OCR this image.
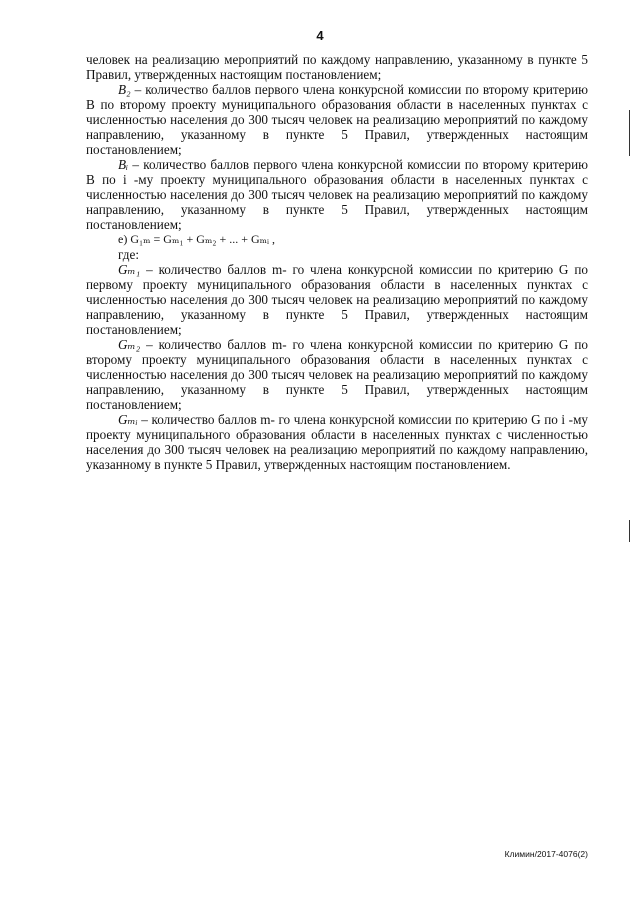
4

человек на реализацию мероприятий по каждому направлению, указанному в пункте 5 Правил, утвержденных настоящим постановлением;

B₂ – количество баллов первого члена конкурсной комиссии по второму критерию В по второму проекту муниципального образования области в населенных пунктах с численностью населения до 300 тысяч человек на реализацию мероприятий по каждому направлению, указанному в пункте 5 Правил, утвержденных настоящим постановлением;

Bᵢ – количество баллов первого члена конкурсной комиссии по второму критерию В по i -му проекту муниципального образования области в населенных пунктах с численностью населения до 300 тысяч человек на реализацию мероприятий по каждому направлению, указанному в пункте 5 Правил, утвержденных настоящим постановлением;

е) G₁ₘ = Gₘ₁ + Gₘ₂ + ... + Gₘᵢ ,

где:

Gₘ₁ – количество баллов m- го члена конкурсной комиссии по критерию G по первому проекту муниципального образования области в населенных пунктах с численностью населения до 300 тысяч человек на реализацию мероприятий по каждому направлению, указанному в пункте 5 Правил, утвержденных настоящим постановлением;

Gₘ₂ – количество баллов m- го члена конкурсной комиссии по критерию G по второму проекту муниципального образования области в населенных пунктах с численностью населения до 300 тысяч человек на реализацию мероприятий по каждому направлению, указанному в пункте 5 Правил, утвержденных настоящим постановлением;

Gₘᵢ – количество баллов m- го члена конкурсной комиссии по критерию G по i -му проекту муниципального образования области в населенных пунктах с численностью населения до 300 тысяч человек на реализацию мероприятий по каждому направлению, указанному в пункте 5 Правил, утвержденных настоящим постановлением.

Климин/2017-4076(2)
